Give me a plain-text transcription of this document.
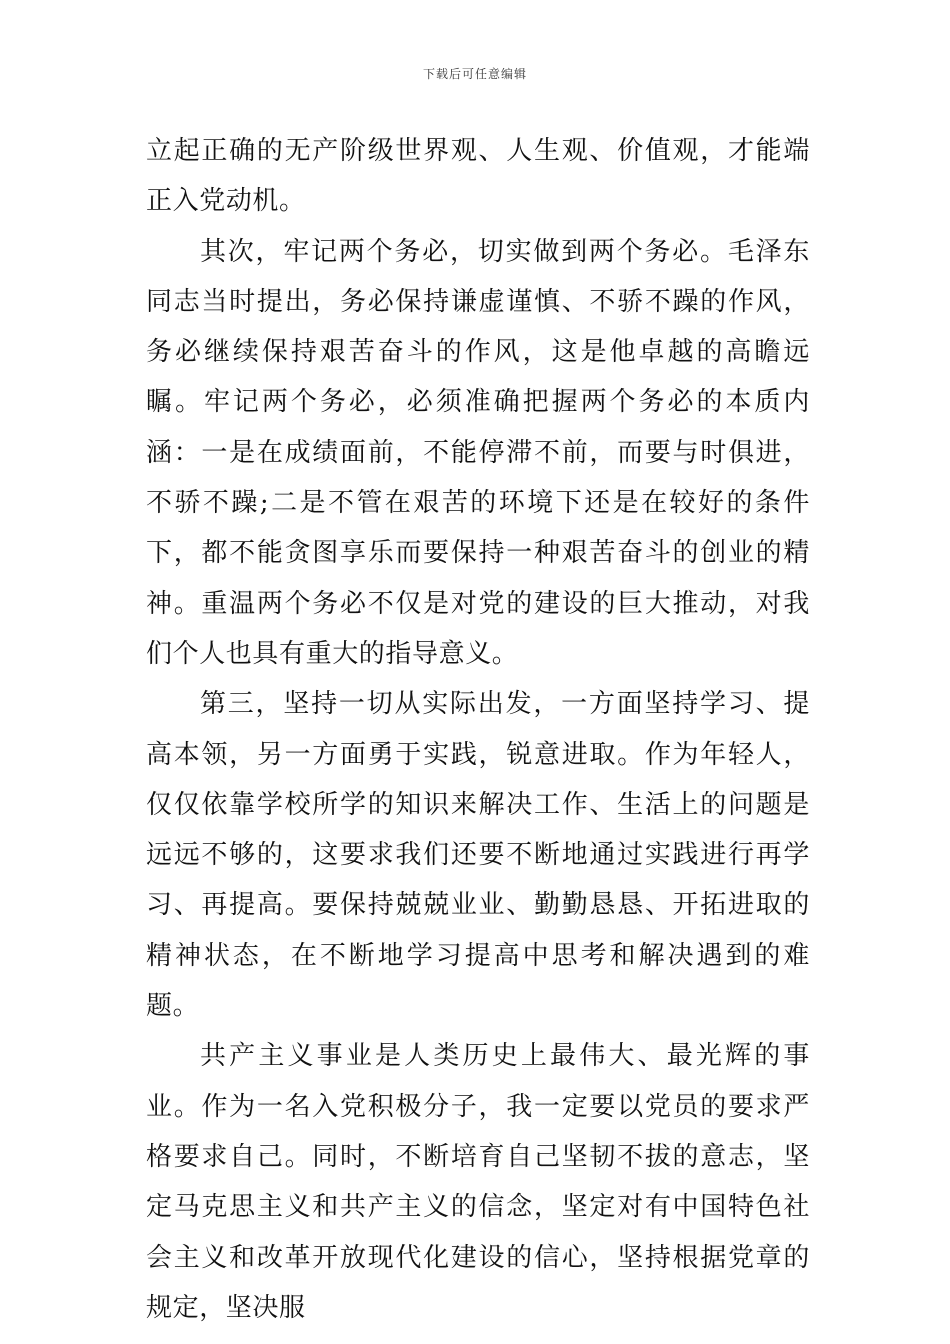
下载后可任意编辑

立起正确的无产阶级世界观、人生观、价值观，才能端正入党动机。

其次，牢记两个务必，切实做到两个务必。毛泽东同志当时提出，务必保持谦虚谨慎、不骄不躁的作风，务必继续保持艰苦奋斗的作风，这是他卓越的高瞻远瞩。牢记两个务必，必须准确把握两个务必的本质内涵：一是在成绩面前，不能停滞不前，而要与时俱进，不骄不躁;二是不管在艰苦的环境下还是在较好的条件下，都不能贪图享乐而要保持一种艰苦奋斗的创业的精神。重温两个务必不仅是对党的建设的巨大推动，对我们个人也具有重大的指导意义。

第三，坚持一切从实际出发，一方面坚持学习、提高本领，另一方面勇于实践，锐意进取。作为年轻人，仅仅依靠学校所学的知识来解决工作、生活上的问题是远远不够的，这要求我们还要不断地通过实践进行再学习、再提高。要保持兢兢业业、勤勤恳恳、开拓进取的精神状态，在不断地学习提高中思考和解决遇到的难题。

共产主义事业是人类历史上最伟大、最光辉的事业。作为一名入党积极分子，我一定要以党员的要求严格要求自己。同时，不断培育自己坚韧不拔的意志，坚定马克思主义和共产主义的信念，坚定对有中国特色社会主义和改革开放现代化建设的信心，坚持根据党章的规定，坚决服
